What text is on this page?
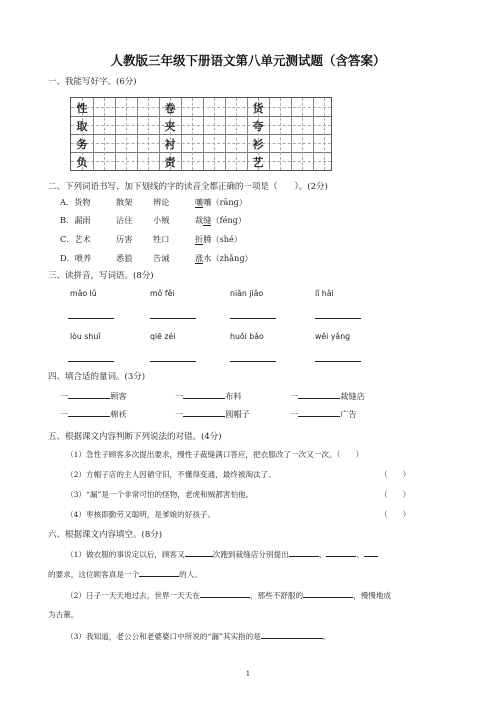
人教版三年级下册语文第八单元测试题（含答案）
一、我能写好字。(6分)
性	卷	货
取	夹	夸
务	衬	衫
负	责	艺
二、下列词语书写、加下划线的字的读音全都正确的一项是（　　）。(2分)
A．货物	散架	辨论	嚷嚷（rānɡ）
B．漏雨	沾住	小贼	裁缝（fénɡ）
C．艺术	历害	牲口	折腾（shé）
D．喂养	悉狼	告诫	涨水（zhǎnɡ）
三、读拼音，写词语。(8分)
mǎo lǘ	mǒ fěi	niǎn jiǎo	lǐ hǎi
lòu shuǐ	qiē zéi	huǒi bǎo	wěi yǎnɡ
四、填合适的量词。(3分)
一	顾客	一	布料	一	裁缝店
一	棉袄	一	圆帽子	一	广告
五、根据课文内容判断下列说法的对错。(4分)
（1）急性子顾客多次提出要求，慢性子裁缝满口答应，把衣服改了一次又一次。（　　）
（2）方帽子店的主人因循守旧，不懂得变通，最终被淘汰了。	（　　）
（3）“漏”是一个非常可怕的怪物，老虎和贼都害怕他。	（　　）
（4）枣核即勤劳又聪明，是爹娘的好孩子。	（　　）
六、根据课文内容填空。(8分)
（1）做衣服的事说定以后，顾客又	次跑到裁缝店分别提出	、	、
的要求，这位顾客真是一个	的人。
（2）日子一天天地过去，世界一天天在	，那些不舒服的	，慢慢地成
为古董。
（3）我知道，老公公和老婆婆口中所说的“漏”其实指的是	。
1
